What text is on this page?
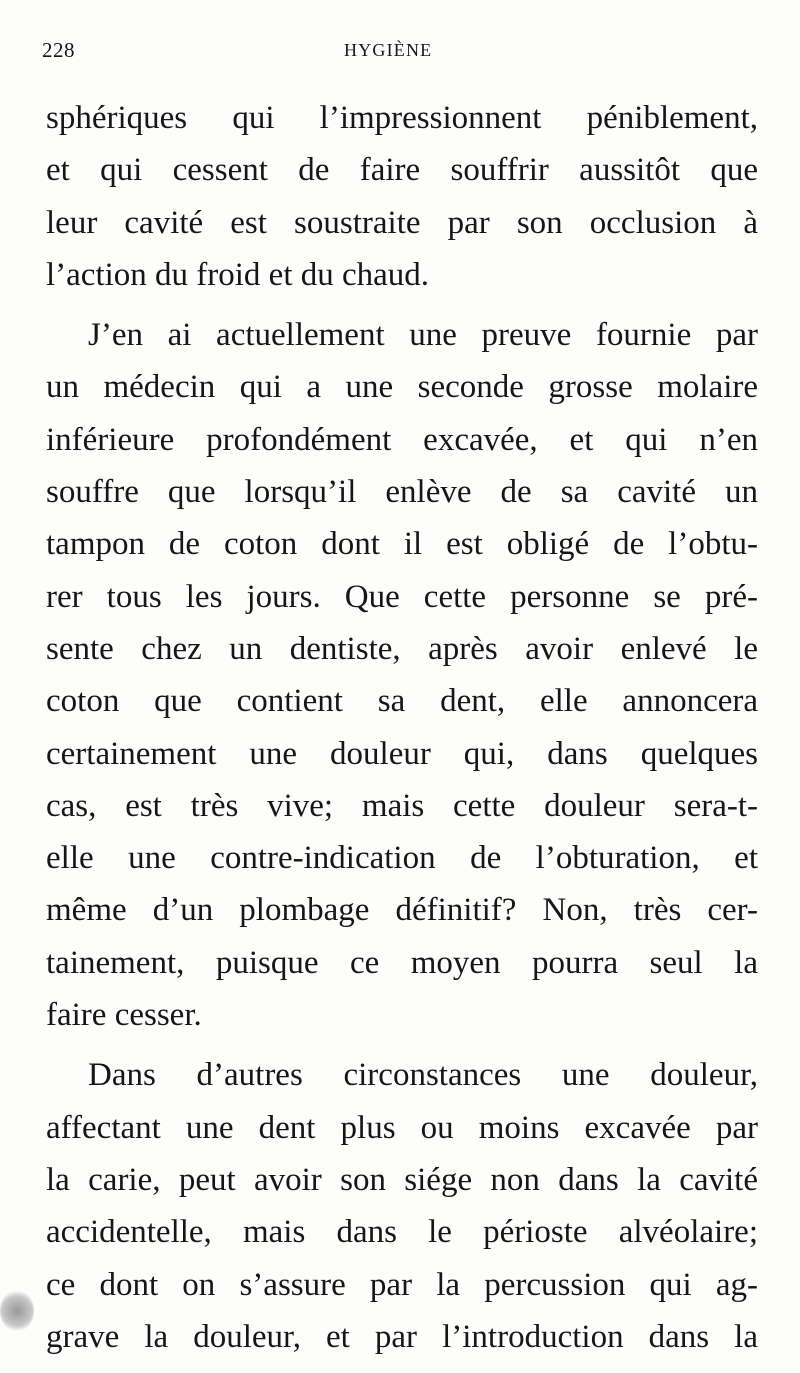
228	HYGIÈNE
sphériques qui l’impressionnent péniblement,
et qui cessent de faire souffrir aussitôt que
leur cavité est soustraite par son occlusion à
l’action du froid et du chaud.
J’en ai actuellement une preuve fournie par
un médecin qui a une seconde grosse molaire
inférieure profondément excavée, et qui n’en
souffre que lorsqu’il enlève de sa cavité un
tampon de coton dont il est obligé de l’obtu-
rer tous les jours. Que cette personne se pré-
sente chez un dentiste, après avoir enlevé le
coton que contient sa dent, elle annoncera
certainement une douleur qui, dans quelques
cas, est très vive; mais cette douleur sera-t-
elle une contre-indication de l’obturation, et
même d’un plombage définitif? Non, très cer-
tainement, puisque ce moyen pourra seul la
faire cesser.
Dans d’autres circonstances une douleur,
affectant une dent plus ou moins excavée par
la carie, peut avoir son siége non dans la cavité
accidentelle, mais dans le périoste alvéolaire;
ce dont on s’assure par la percussion qui ag-
grave la douleur, et par l’introduction dans la
